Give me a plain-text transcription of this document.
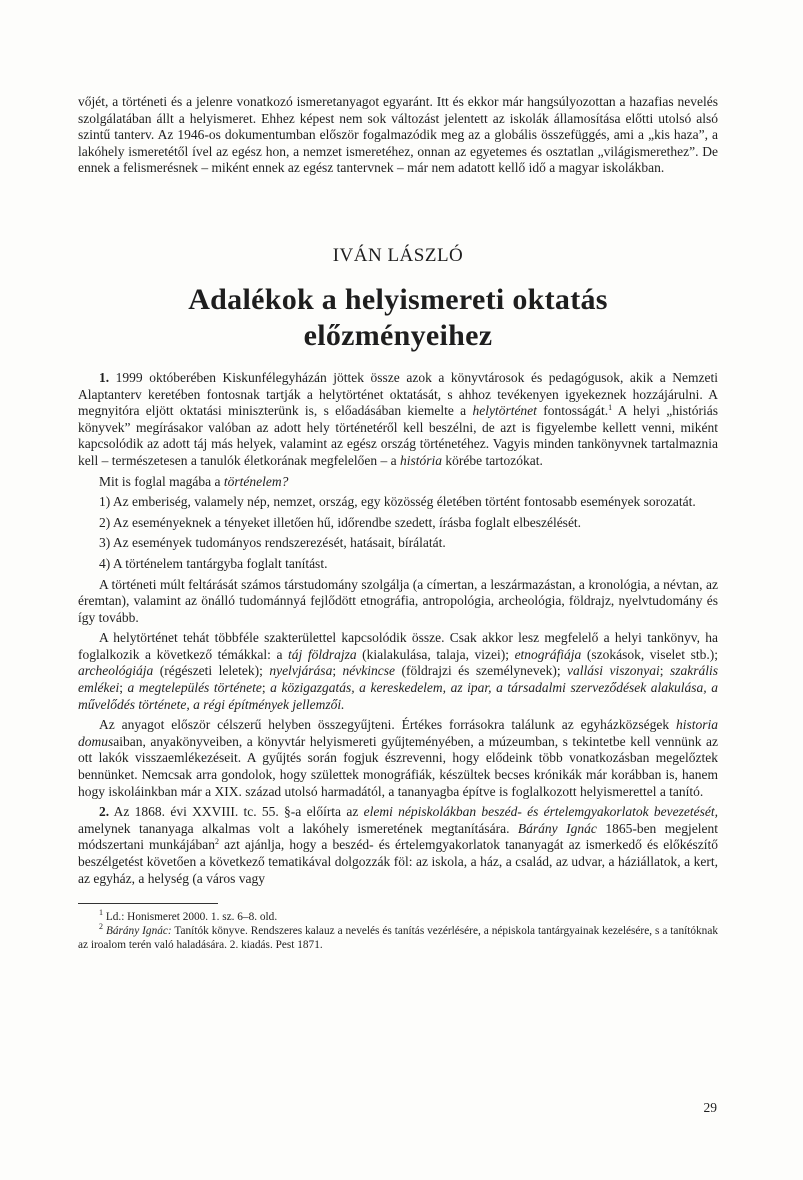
vőjét, a történeti és a jelenre vonatkozó ismeretanyagot egyaránt. Itt és ekkor már hangsúlyozottan a hazafias nevelés szolgálatában állt a helyismeret. Ehhez képest nem sok változást jelentett az iskolák államosítása előtti utolsó alsó szintű tanterv. Az 1946-os dokumentumban először fogalmazódik meg az a globális összefüggés, ami a „kis haza”, a lakóhely ismeretétől ível az egész hon, a nemzet ismeretéhez, onnan az egyetemes és osztatlan „világismerethez”. De ennek a felismerésnek – miként ennek az egész tantervnek – már nem adatott kellő idő a magyar iskolákban.

IVÁN LÁSZLÓ
Adalékok a helyismereti oktatás
előzményeihez

1. 1999 októberében Kiskunfélegyházán jöttek össze azok a könyvtárosok és pedagógusok, akik a Nemzeti Alaptanterv keretében fontosnak tartják a helytörténet oktatását, s ahhoz tevékenyen igyekeznek hozzájárulni. A megnyitóra eljött oktatási miniszterünk is, s előadásában kiemelte a helytörténet fontosságát.$^1$ A helyi „históriás könyvek” megírásakor valóban az adott hely történetéről kell beszélni, de azt is figyelembe kellett venni, miként kapcsolódik az adott táj más helyek, valamint az egész ország történetéhez. Vagyis minden tankönyvnek tartalmaznia kell – természetesen a tanulók életkorának megfelelően – a história körébe tartozókat.

Mit is foglal magába a történelem?

1) Az emberiség, valamely nép, nemzet, ország, egy közösség életében történt fontosabb események sorozatát.

2) Az eseményeknek a tényeket illetően hű, időrendbe szedett, írásba foglalt elbeszélését.

3) Az események tudományos rendszerezését, hatásait, bírálatát.

4) A történelem tantárgyba foglalt tanítást.

A történeti múlt feltárását számos társtudomány szolgálja (a címertan, a leszármazástan, a kronológia, a névtan, az éremtan), valamint az önálló tudománnyá fejlődött etnográfia, antropológia, archeológia, földrajz, nyelvtudomány és így tovább.

A helytörténet tehát többféle szakterülettel kapcsolódik össze. Csak akkor lesz megfelelő a helyi tankönyv, ha foglalkozik a következő témákkal: a táj földrajza (kialakulása, talaja, vizei); etnográfiája (szokások, viselet stb.); archeológiája (régészeti leletek); nyelvjárása; névkincse (földrajzi és személynevek); vallási viszonyai; szakrális emlékei; a megtelepülés története; a közigazgatás, a kereskedelem, az ipar, a társadalmi szerveződések alakulása, a művelődés története, a régi építmények jellemzői.

Az anyagot először célszerű helyben összegyűjteni. Értékes forrásokra találunk az egyházközségek historia domusaiban, anyakönyveiben, a könyvtár helyismereti gyűjteményében, a múzeumban, s tekintetbe kell vennünk az ott lakók visszaemlékezéseit. A gyűjtés során fogjuk észrevenni, hogy elődeink több vonatkozásban megelőztek bennünket. Nemcsak arra gondolok, hogy születtek monográfiák, készültek becses krónikák már korábban is, hanem hogy iskoláinkban már a XIX. század utolsó harmadától, a tananyagba építve is foglalkozott helyismerettel a tanító.

2. Az 1868. évi XXVIII. tc. 55. §-a előírta az elemi népiskolákban beszéd- és értelemgyakorlatok bevezetését, amelynek tananyaga alkalmas volt a lakóhely ismeretének megtanítására. Bárány Ignác 1865-ben megjelent módszertani munkájában$^2$ azt ajánlja, hogy a beszéd- és értelemgyakorlatok tananyagát az ismerkedő és előkészítő beszélgetést követően a következő tematikával dolgozzák föl: az iskola, a ház, a család, az udvar, a háziállatok, a kert, az egyház, a helység (a város vagy

$^1$ Ld.: Honismeret 2000. 1. sz. 6–8. old.

$^2$ Bárány Ignác: Tanítók könyve. Rendszeres kalauz a nevelés és tanítás vezérlésére, a népiskola tantárgyainak kezelésére, s a tanítóknak az iroalom terén való haladására. 2. kiadás. Pest 1871.

29
